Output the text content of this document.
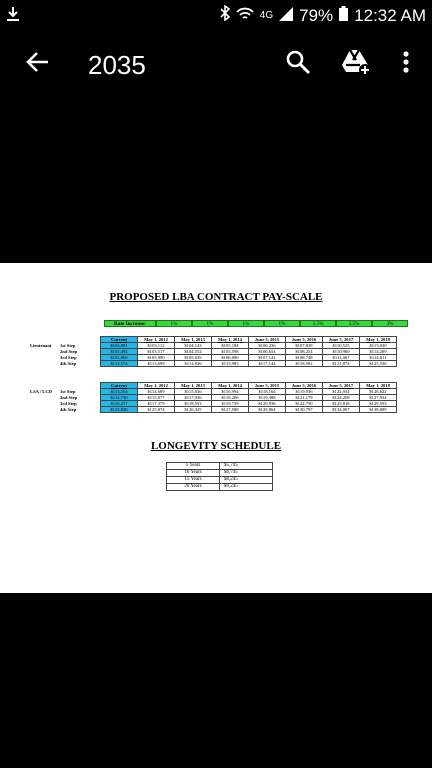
4G 79% 12:32 AM
2035
PROPOSED LBA CONTRACT PAY-SCALE
Rate Increase:	1%	1%	1%	1%	1.5%	2.5%	3%
		Current	May 1, 2012	May 1, 2013	May 1, 2014	June 5, 2015	June 5, 2016	June 5, 2017	May 1, 2018
Lieutenant	1st Step	$102,091	$103,112	$104,143	$105,184	$106,236	$107,829	$110,525	$113,840
	2nd Step	$102,492	$103,517	$104,552	$105,598	$106,654	$108,254	$110,960	$114,289
	3rd Step	$102,960	$103,990	$105,029	$106,080	$107,141	$108,748	$111,467	$114,811
	4th Step	$112,574	$113,699	$114,836	$115,985	$117,144	$118,902	$121,874	$125,530
		Current	May 1, 2012	May 1, 2013	May 1, 2014	June 5, 2015	June 5, 2016	June 5, 2017	May 1, 2018
LSA / LCD	1st Step	$113,554	$114,689	$115,836	$116,994	$118,164	$119,936	$122,934	$126,622
	2nd Step	$114,730	$115,877	$117,036	$118,206	$119,388	$121,179	$124,208	$127,934
	3rd Step	$116,217	$117,379	$118,553	$119,739	$120,936	$122,750	$125,818	$129,593
	4th Step	$123,836	$125,074	$126,325	$127,588	$128,864	$130,797	$134,067	$138,089
LONGEVITY SCHEDULE
5 Years	$5,745
10 Years	$6,745
15 Years	$8,245
20 Years	$9,245
